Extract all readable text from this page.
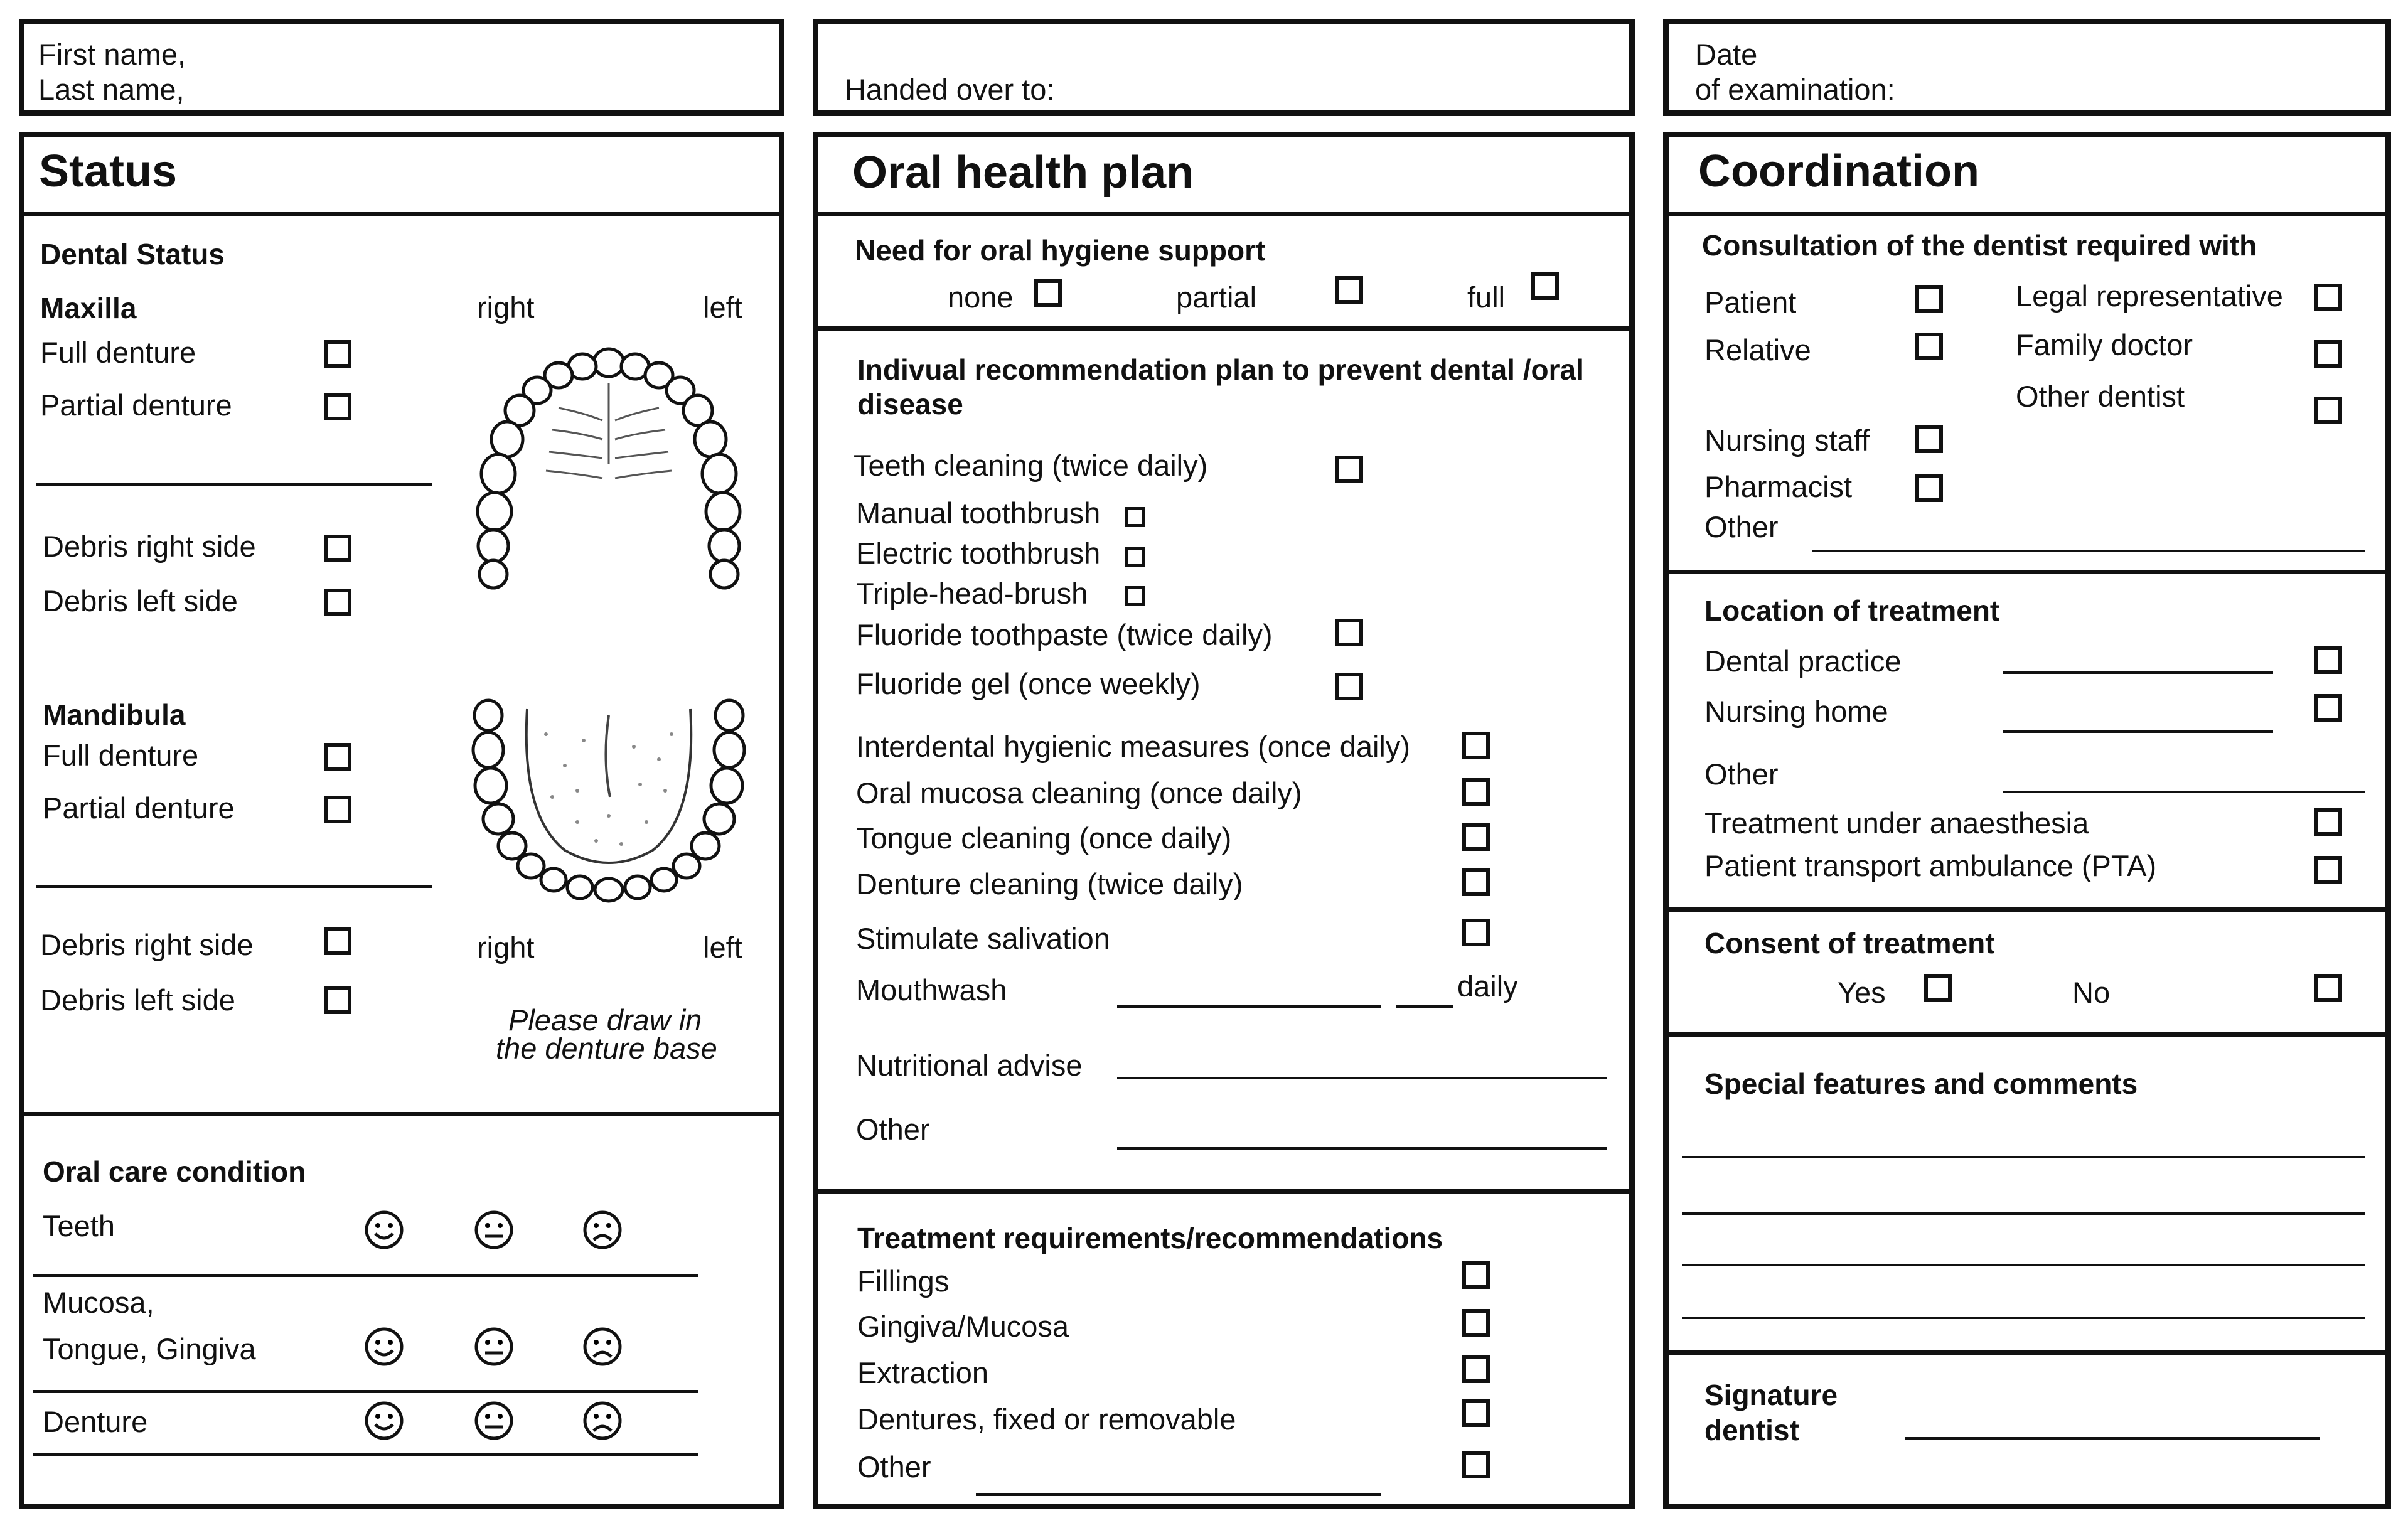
First name,
Last name,	Handed over to:
Date
of examination:
Status
Dental Status
Maxilla	right	left
Full denture
Partial denture
Debris right side
Debris left side
Mandibula
Full denture
Partial denture
Debris right side	right	left
Debris left side
Please draw in
the denture base
Oral care condition
Teeth
Mucosa,
Tongue, Gingiva
Denture
Oral health plan
Need for oral hygiene support
none	partial	full
Indivual recommendation plan to prevent dental /oral
disease
Teeth cleaning (twice daily)
Manual toothbrush
Electric toothbrush
Triple-head-brush
Fluoride toothpaste (twice daily)
Fluoride gel (once weekly)
Interdental hygienic measures (once daily)
Oral mucosa cleaning (once daily)
Tongue cleaning (once daily)
Denture cleaning (twice daily)
Stimulate salivation
Mouthwash	daily
Nutritional advise
Other
Treatment requirements/recommendations
Fillings
Gingiva/Mucosa
Extraction
Dentures, fixed or removable
Other
Coordination
Consultation of the dentist required with
Patient
Relative
Legal representative
Family doctor
Other dentist
Nursing staff
Pharmacist
Other
Location of treatment
Dental practice
Nursing home
Other
Treatment under anaesthesia
Patient transport ambulance (PTA)
Consent of treatment
Yes	No
Special features and comments
Signature
dentist
